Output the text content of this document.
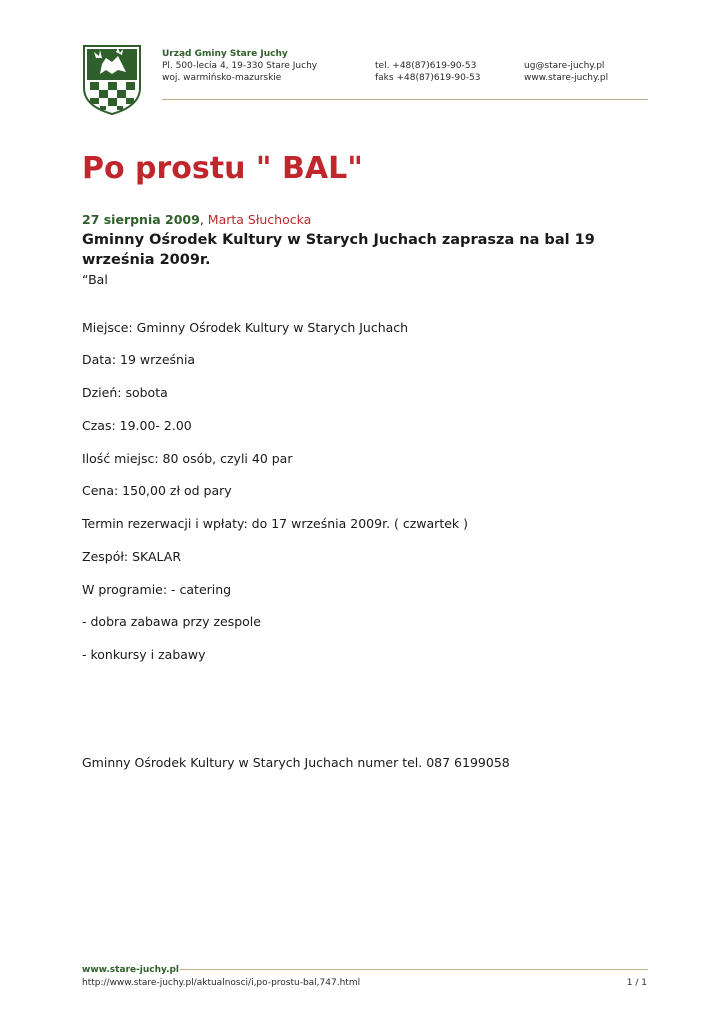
Urząd Gminy Stare Juchy
Pl. 500-lecia 4, 19-330 Stare Juchy
woj. warmińsko-mazurskie
tel. +48(87)619-90-53
faks +48(87)619-90-53
ug@stare-juchy.pl
www.stare-juchy.pl
Po prostu " BAL"
27 sierpnia 2009, Marta Słuchocka
Gminny Ośrodek Kultury w Starych Juchach zaprasza na bal 19 września 2009r.
“Bal
Miejsce: Gminny Ośrodek Kultury w Starych Juchach
Data: 19 września
Dzień: sobota
Czas: 19.00- 2.00
Ilość miejsc: 80 osób, czyli 40 par
Cena: 150,00 zł od pary
Termin rezerwacji i wpłaty: do 17 września 2009r. ( czwartek )
Zespół: SKALAR
W programie: - catering
- dobra zabawa przy zespole
- konkursy i zabawy
Gminny Ośrodek Kultury w Starych Juchach numer tel. 087 6199058
www.stare-juchy.pl
http://www.stare-juchy.pl/aktualnosci/i,po-prostu-bal,747.html	1 / 1
